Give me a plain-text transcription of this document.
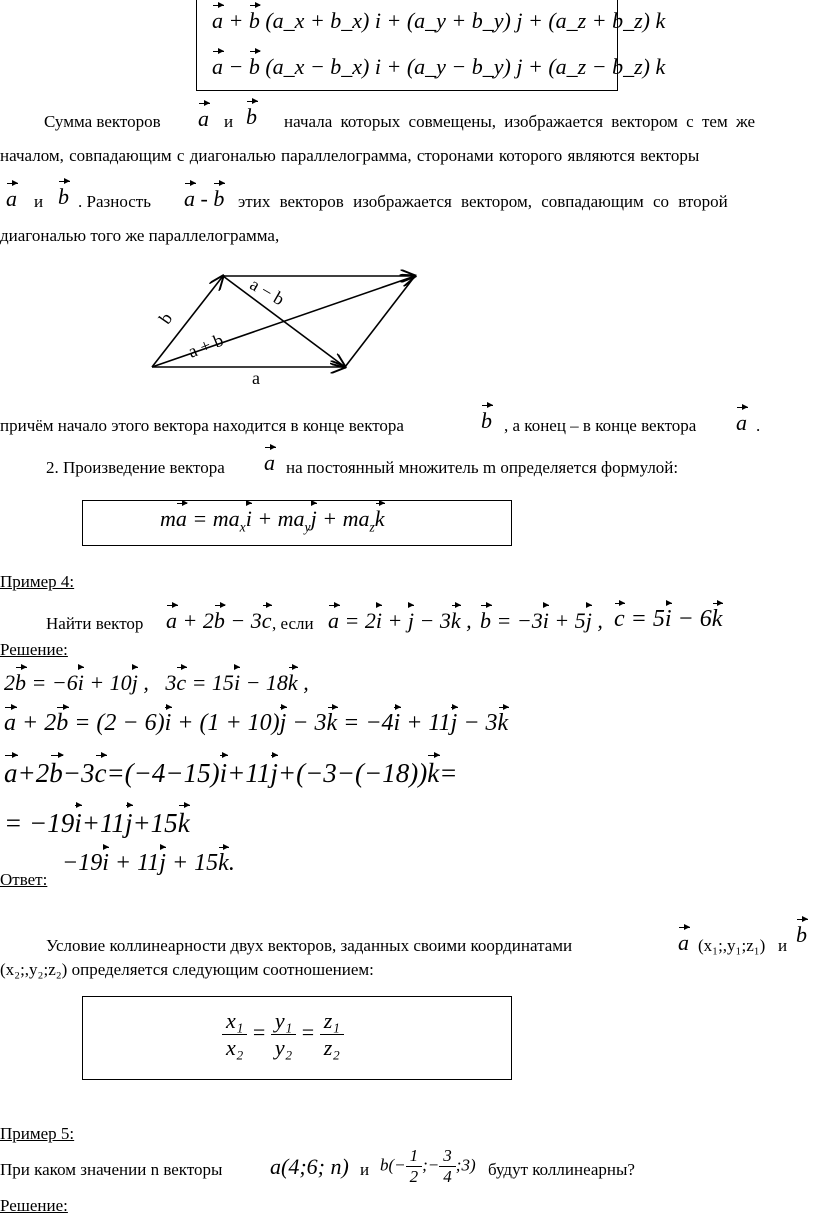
a + b (a_x + b_x) i + (a_y + b_y) j + (a_z + b_z) k
a − b (a_x − b_x) i + (a_y − b_y) j + (a_z − b_z) k
Сумма векторов a и b начала которых совмещены, изображается вектором с тем же
началом, совпадающим с диагональю параллелограмма, сторонами которого являются векторы
a и b . Разность a - b этих векторов изображается вектором, совпадающим со второй
диагональю того же параллелограмма,
b
a + b
a − b
a
причём начало этого вектора находится в конце вектора	b , а конец – в конце вектора a .
2. Произведение вектора a на постоянный множитель m определяется формулой:
ma = $ma_xi + ma_yj + ma_zk$
Пример 4:
Найти вектор a + 2b − 3c , если a = 2i + j − 3k , b = −3i + 5j , c = 5i − 6k
Решение:
2b = −6i + 10j ,   3c = 15i − 18k ,
a + 2b = (2 − 6)i + (1 + 10)j − 3k = −4i + 11j − 3k
a+2b−3c=(−4−15)i+11j+(−3−(−18))k=
= −19i+11j+15k
Ответ:
−19i + 11j + 15k.
Условие коллинеарности двух векторов, заданных своими координатами	a (x₁;,y₁;z₁) и b
(x₂;,y₂;z₂) определяется следующим соотношением:
$\frac{\text{x₁}}{\text{x₂}} = \frac{\text{y₁}}{\text{y₂}} = \frac{\text{z₁}}{\text{z₂}}$
Пример 5:
При каком значении n векторы a(4;6; n) и $b(- \frac{1}{2}$ ;− $\frac{3}{4}$ ;3) будут коллинеарны?
Решение:
